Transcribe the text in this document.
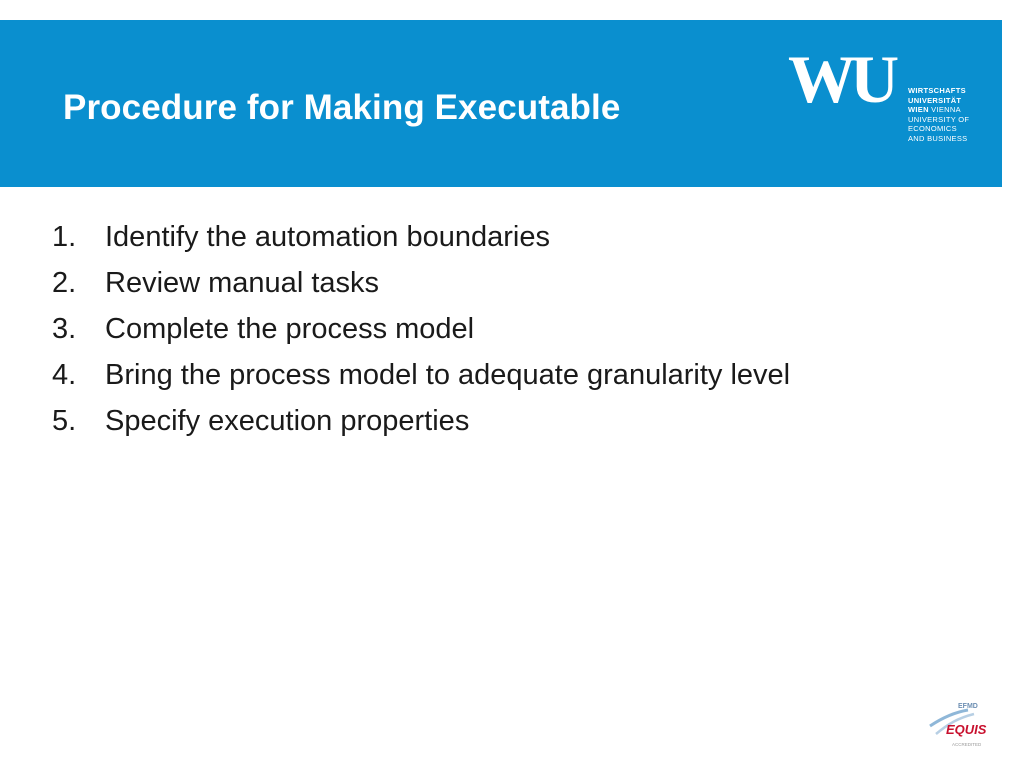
Procedure for Making Executable WU	WIRTSCHAFTS
UNIVERSITÄT
WIEN VIENNA
UNIVERSITY OF
ECONOMICS
AND BUSINESS
1. Identify the automation boundaries
2. Review manual tasks
3. Complete the process model
4. Bring the process model to adequate granularity level
5. Specify execution properties
EFMD
EQUIS
ACCREDITED
